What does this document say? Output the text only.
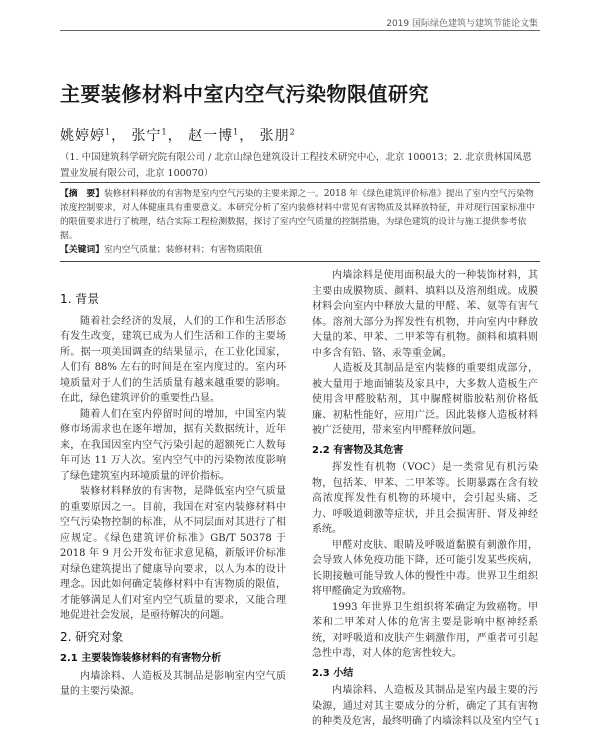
2019 国际绿色建筑与建筑节能论文集
主要装修材料中室内空气污染物限值研究
姚婷婷$^1$， 张宁$^1$， 赵一博$^1$， 张朋$^2$
（1. 中国建筑科学研究院有限公司 / 北京山绿色建筑设计工程技术研究中心，北京 100013；2. 北京贵林国凤恩置业发展有限公司，北京 100070）
【摘　要】装修材料释放的有害物是室内空气污染的主要来源之一。2018 年《绿色建筑评价标准》提出了室内空气污染物浓度控制要求，对人体健康具有重要意义。本研究分析了室内装修材料中常见有害物质及其释放特征，并对现行国家标准中的限值要求进行了梳理，结合实际工程检测数据，探讨了室内空气质量的控制措施，为绿色建筑的设计与施工提供参考依据。
【关键词】室内空气质量；装修材料；有害物质限值
1. 背景

随着社会经济的发展，人们的工作和生活形态有发生改变，建筑已成为人们生活和工作的主要场所。据一项美国调查的结果显示，在工业化国家，人们有 88% 左右的时间是在室内度过的。室内环境质量对于人们的生活质量有越来越重要的影响。在此，绿色建筑评价的重要性凸显。

随着人们在室内停留时间的增加，中国室内装修市场需求也在逐年增加，据有关数据统计，近年来，在我国因室内空气污染引起的超额死亡人数每年可达 11 万人次。室内空气中的污染物浓度影响了绿色建筑室内环境质量的评价指标。

装修材料释放的有害物，是降低室内空气质量的重要原因之一。目前，我国在对室内装修材料中空气污染物控制的标准，从不同层面对其进行了相应规定。《绿色建筑评价标准》GB/T 50378 于 2018 年 9 月公开发布征求意见稿，新版评价标准对绿色建筑提出了健康导向要求，以人为本的设计理念。因此如何确定装修材料中有害物质的限值，才能够满足人们对室内空气质量的要求，又能合理地促进社会发展，是亟待解决的问题。

2. 研究对象
2.1 主要装饰装修材料的有害物分析

内墙涂料、人造板及其制品是影响室内空气质量的主要污染源。

内墙涂料是使用面积最大的一种装饰材料，其主要由成膜物质、颜料、填料以及溶剂组成。成膜材料会向室内中释放大量的甲醛、苯、氨等有害气体。溶剂大部分为挥发性有机物，并向室内中释放大量的苯、甲苯、二甲苯等有机物。颜料和填料则中多含有铅、铬、汞等重金属。

人造板及其制品是室内装修的重要组成部分，被大量用于地面铺装及家具中，大多数人造板生产使用含甲醛胶粘剂，其中脲醛树脂胶粘剂价格低廉、初粘性能好，应用广泛。因此装修人造板材料被广泛使用，带来室内甲醛释放问题。

2.2 有害物及其危害

挥发性有机物（VOC）是一类常见有机污染物，包括苯、甲苯、二甲苯等。长期暴露在含有较高浓度挥发性有机物的环境中，会引起头痛、乏力、呼吸道刺激等症状，并且会损害肝、肾及神经系统。

甲醛对皮肤、眼睛及呼吸道黏膜有刺激作用，会导致人体免疫功能下降，还可能引发某些疾病，长期接触可能导致人体的慢性中毒。世界卫生组织将甲醛确定为致癌物。

1993 年世界卫生组织将苯确定为致癌物。甲苯和二甲苯对人体的危害主要是影响中枢神经系统，对呼吸道和皮肤产生刺激作用，严重者可引起急性中毒，对人体的危害性较大。

2.3 小结

内墙涂料、人造板及其制品是室内最主要的污染源，通过对其主要成分的分析，确定了其有害物的种类及危害，最终明确了内墙涂料以及室内空气 1
